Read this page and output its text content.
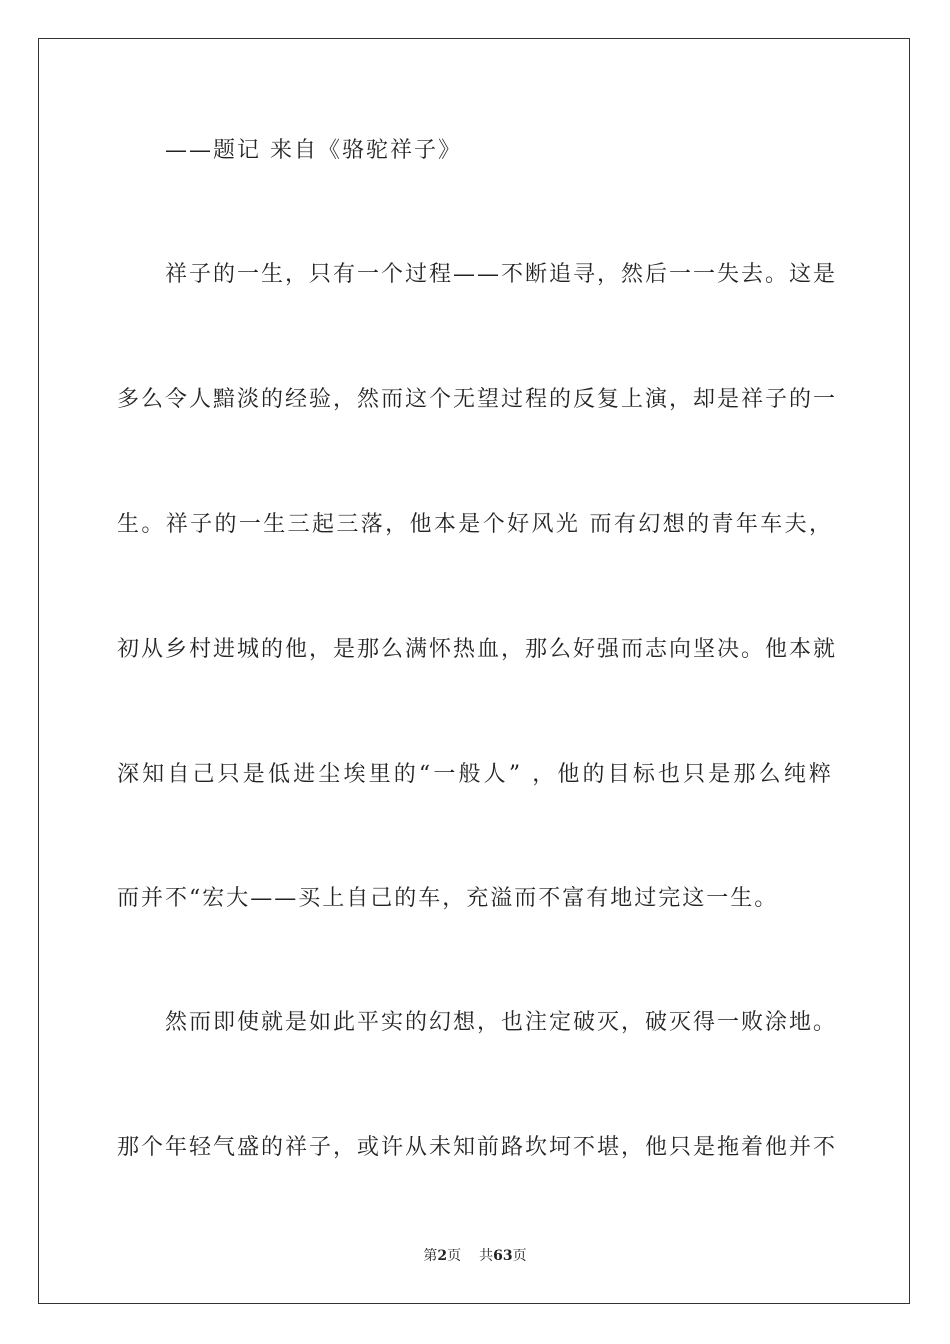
——题记 来自《骆驼祥子》
祥子的一生，只有一个过程——不断追寻，然后一一失去。这是
多么令人黯淡的经验，然而这个无望过程的反复上演，却是祥子的一
生。祥子的一生三起三落，他本是个好风光 而有幻想的青年车夫，
初从乡村进城的他，是那么满怀热血，那么好强而志向坚决。他本就
深知自己只是低进尘埃里的“一般人” ，他的目标也只是那么纯粹
而并不“宏大——买上自己的车，充溢而不富有地过完这一生。
然而即使就是如此平实的幻想，也注定破灭，破灭得一败涂地。
那个年轻气盛的祥子，或许从未知前路坎坷不堪，他只是拖着他并不
第2页 共63页
